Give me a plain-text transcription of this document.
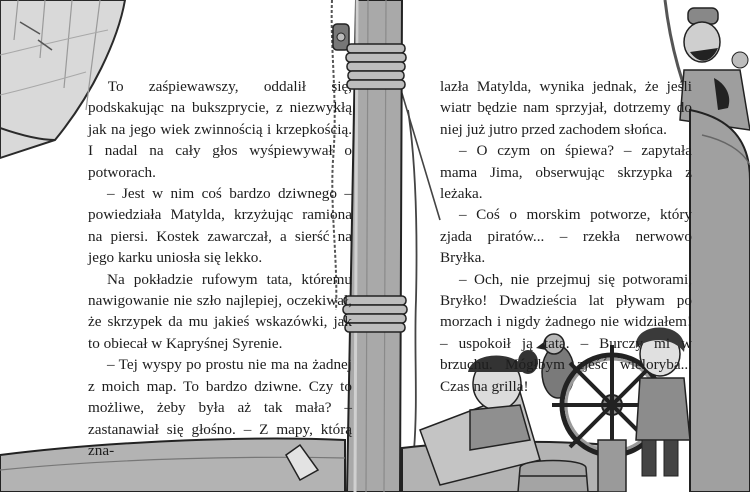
To zaśpiewawszy, oddalił się, podskakując na bukszprycie, z niezwykłą jak na jego wiek zwinnością i krzepkością. I nadal na cały głos wyśpiewywał o potworach.

– Jest w nim coś bardzo dziwnego – powiedziała Matylda, krzyżując ramiona na piersi. Kostek zawarczał, a sierść na jego karku uniosła się lekko.

Na pokładzie rufowym tata, któremu nawigowanie nie szło najlepiej, oczekiwał, że skrzypek da mu jakieś wskazówki, jak to obiecał w Kapryśnej Syrenie.

– Tej wyspy po prostu nie ma na żadnej z moich map. To bardzo dziwne. Czy to możliwe, żeby była aż tak mała? – zastanawiał się głośno. – Z mapy, którą zna-

lazła Matylda, wynika jednak, że jeśli wiatr będzie nam sprzyjał, dotrzemy do niej już jutro przed zachodem słońca.

– O czym on śpiewa? – zapytała mama Jima, obserwując skrzypka z leżaka.

– Coś o morskim potworze, który zjada piratów... – rzekła nerwowo Bryłka.

– Och, nie przejmuj się potworami, Bryłko! Dwadzieścia lat pływam po morzach i nigdy żadnego nie widziałem! – uspokoił ją tata. – Burczy mi w brzuchu. Mógłbym zjeść wieloryba... Czas na grilla!
